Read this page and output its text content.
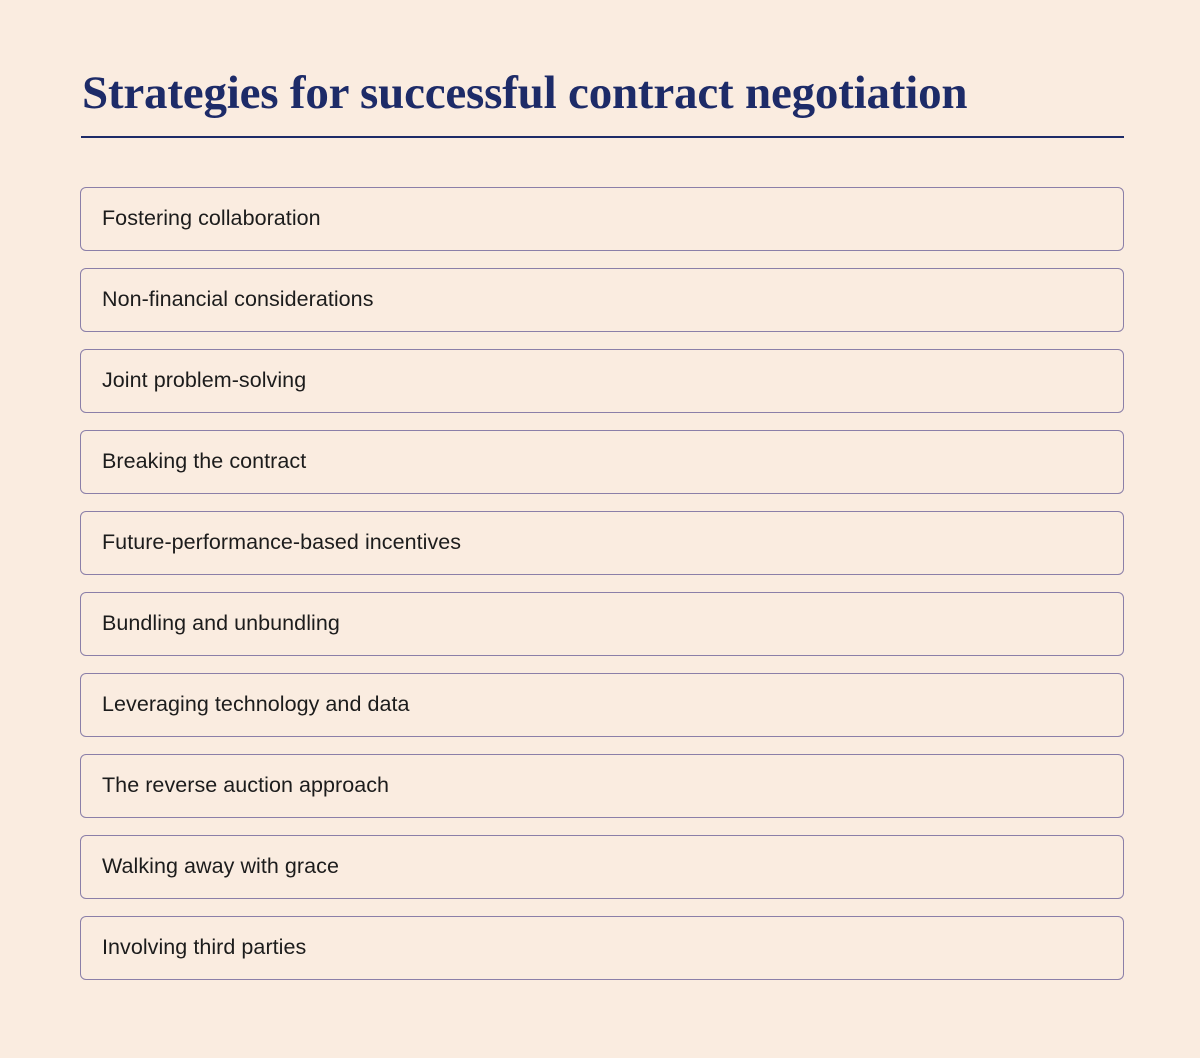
Strategies for successful contract negotiation
Fostering collaboration
Non-financial considerations
Joint problem-solving
Breaking the contract
Future-performance-based incentives
Bundling and unbundling
Leveraging technology and data
The reverse auction approach
Walking away with grace
Involving third parties
